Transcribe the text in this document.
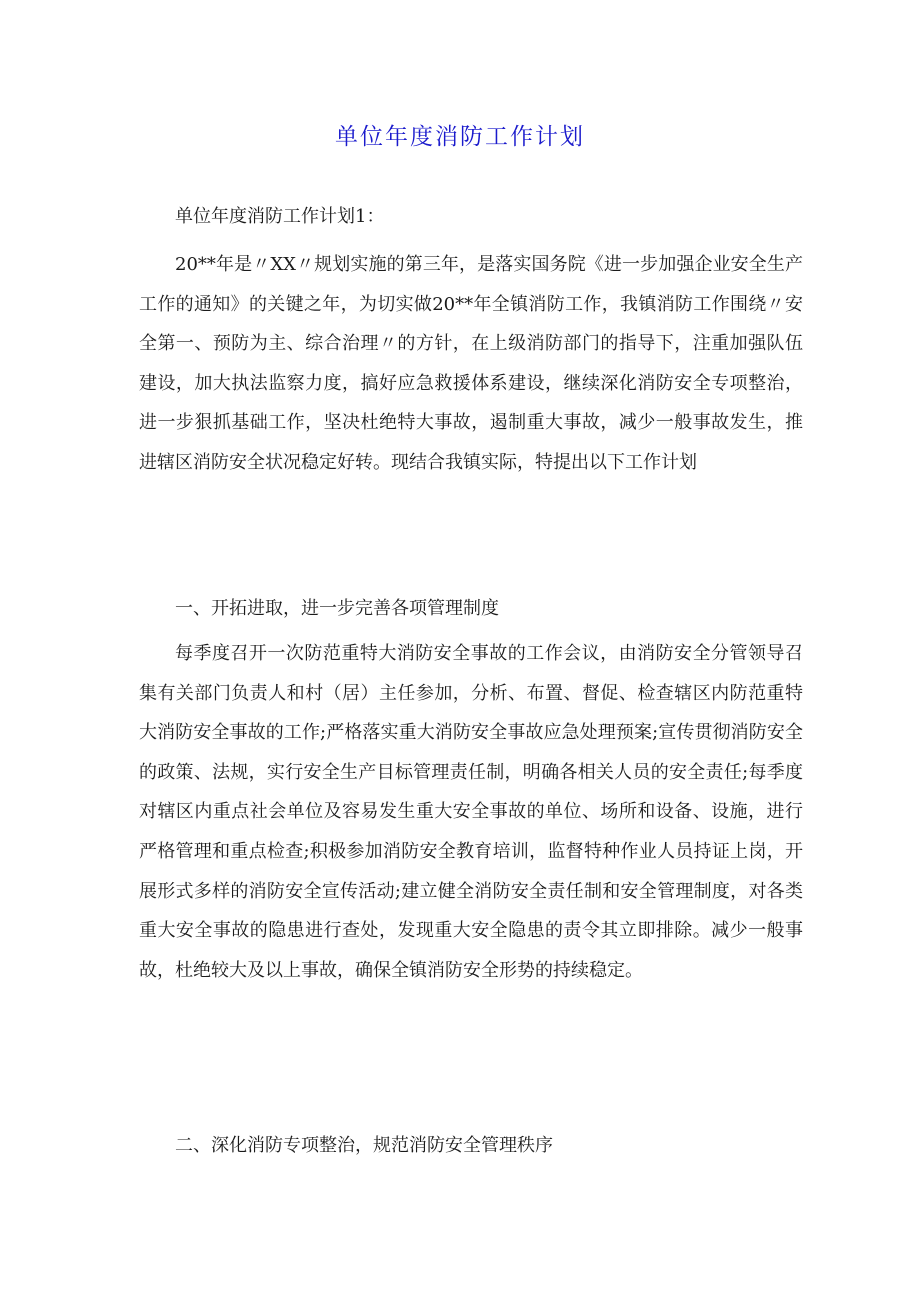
单位年度消防工作计划
单位年度消防工作计划1：
20**年是〃XX〃规划实施的第三年，是落实国务院《进一步加强企业安全生产工作的通知》的关键之年，为切实做20**年全镇消防工作，我镇消防工作围绕〃安全第一、预防为主、综合治理〃的方针，在上级消防部门的指导下，注重加强队伍建设，加大执法监察力度，搞好应急救援体系建设，继续深化消防安全专项整治，进一步狠抓基础工作，坚决杜绝特大事故，遏制重大事故，减少一般事故发生，推进辖区消防安全状况稳定好转。现结合我镇实际，特提出以下工作计划
一、开拓进取，进一步完善各项管理制度
每季度召开一次防范重特大消防安全事故的工作会议，由消防安全分管领导召集有关部门负责人和村（居）主任参加，分析、布置、督促、检查辖区内防范重特大消防安全事故的工作;严格落实重大消防安全事故应急处理预案;宣传贯彻消防安全的政策、法规，实行安全生产目标管理责任制，明确各相关人员的安全责任;每季度对辖区内重点社会单位及容易发生重大安全事故的单位、场所和设备、设施，进行严格管理和重点检查;积极参加消防安全教育培训，监督特种作业人员持证上岗，开展形式多样的消防安全宣传活动;建立健全消防安全责任制和安全管理制度，对各类重大安全事故的隐患进行查处，发现重大安全隐患的责令其立即排除。减少一般事故，杜绝较大及以上事故，确保全镇消防安全形势的持续稳定。
二、深化消防专项整治，规范消防安全管理秩序
